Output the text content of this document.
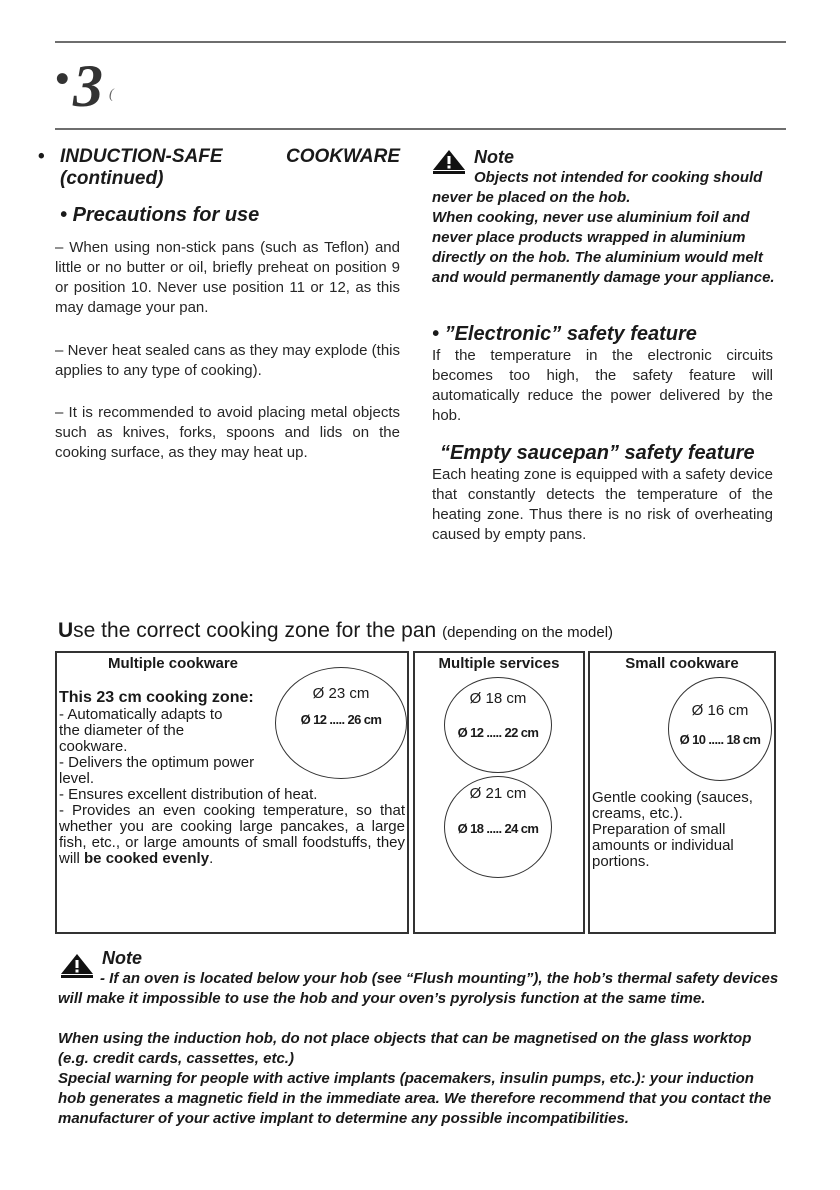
•3 (
• INDUCTION-SAFE	COOKWARE
(continued)
• Precautions for use
– When using non-stick pans (such as Teflon) and little or no butter or oil, briefly preheat on position 9 or position 10. Never use position 11 or 12, as this may damage your pan.
– Never heat sealed cans as they may explode (this applies to any type of cooking).
– It is recommended to avoid placing metal objects such as knives, forks, spoons and lids on the cooking surface, as they may heat up.
Note
Objects not intended for cooking should never be placed on the hob.
When cooking, never use aluminium foil and never place products wrapped in aluminium directly on the hob. The aluminium would melt and would permanently damage your appliance.
• ”Electronic” safety feature
If the temperature in the electronic circuits becomes too high, the safety feature will automatically reduce the power delivered by the hob.
“Empty saucepan” safety feature
Each heating zone is equipped with a safety device that constantly detects the temperature of the heating zone. Thus there is no risk of overheating caused by empty pans.
Use the correct cooking zone for the pan (depending on the model)
Multiple cookware
Ø 23 cm
Ø 12 ..... 26 cm
This 23 cm cooking zone:
- Automatically adapts to
the diameter of the
cookware.
- Delivers the optimum power
level.
- Ensures excellent distribution of heat.
- Provides an even cooking temperature, so that whether you are cooking large pancakes, a large fish, etc., or large amounts of small foodstuffs, they will be cooked evenly.
Multiple services
Ø 18 cm
Ø 12 ..... 22 cm
Ø 21 cm
Ø 18 ..... 24 cm
Small cookware
Ø 16 cm
Ø 10 ..... 18 cm
Gentle cooking (sauces, creams, etc.). Preparation of small amounts or individual portions.
Note
- If an oven is located below your hob (see “Flush mounting”), the hob’s thermal safety devices will make it impossible to use the hob and your oven’s pyrolysis function at the same time.
When using the induction hob, do not place objects that can be magnetised on the glass worktop (e.g. credit cards, cassettes, etc.)
Special warning for people with active implants (pacemakers, insulin pumps, etc.): your induction hob generates a magnetic field in the immediate area. We therefore recommend that you contact the manufacturer of your active implant to determine any possible incompatibilities.
